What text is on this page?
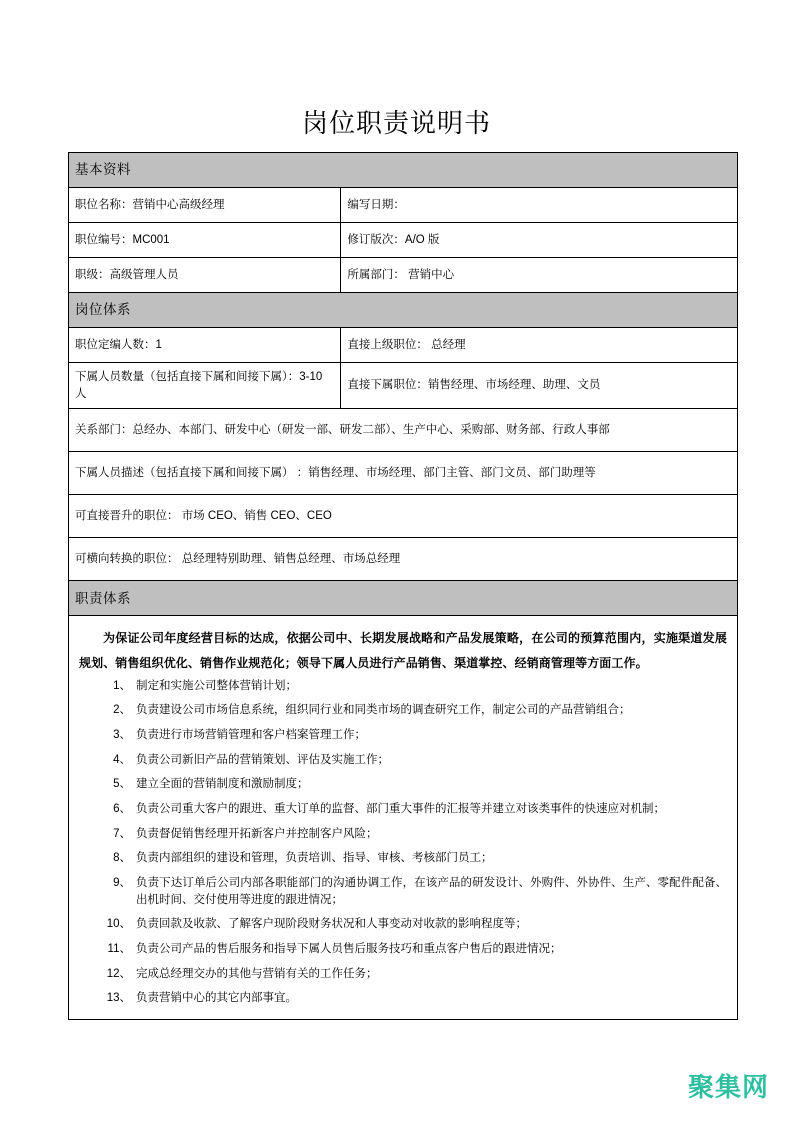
岗位职责说明书
基本资料	
职位名称：营销中心高级经理	编写日期：
职位编号：MC001	修订版次：A/O 版
职级：高级管理人员	所属部门： 营销中心
岗位体系	
职位定编人数：1	直接上级职位： 总经理
下属人员数量（包括直接下属和间接下属）：3-10人	直接下属职位：销售经理、市场经理、助理、文员
关系部门：总经办、本部门、研发中心（研发一部、研发二部）、生产中心、采购部、财务部、行政人事部	
下属人员描述（包括直接下属和间接下属） ：销售经理、市场经理、部门主管、部门文员、部门助理等	
可直接晋升的职位： 市场 CEO、销售 CEO、CEO	
可横向转换的职位： 总经理特别助理、销售总经理、市场总经理	
职责体系	

为保证公司年度经营目标的达成，依据公司中、长期发展战略和产品发展策略，在公司的预算范围内，实施渠道发展规划、销售组织优化、销售作业规范化；领导下属人员进行产品销售、渠道掌控、经销商管理等方面工作。

1、 制定和实施公司整体营销计划；
2、 负责建设公司市场信息系统，组织同行业和同类市场的调查研究工作，制定公司的产品营销组合；
3、 负责进行市场营销管理和客户档案管理工作；
4、 负责公司新旧产品的营销策划、评估及实施工作；
5、 建立全面的营销制度和激励制度；
6、 负责公司重大客户的跟进、重大订单的监督、部门重大事件的汇报等并建立对该类事件的快速应对机制；
7、 负责督促销售经理开拓新客户并控制客户风险；
8、 负责内部组织的建设和管理，负责培训、指导、审核、考核部门员工；
9、 负责下达订单后公司内部各职能部门的沟通协调工作，在该产品的研发设计、外购件、外协件、生产、零配件配备、出机时间、交付使用等进度的跟进情况；
10、 负责回款及收款、了解客户现阶段财务状况和人事变动对收款的影响程度等；
11、 负责公司产品的售后服务和指导下属人员售后服务技巧和重点客户售后的跟进情况；
12、 完成总经理交办的其他与营销有关的工作任务；
13、 负责营销中心的其它内部事宜。
聚集网
